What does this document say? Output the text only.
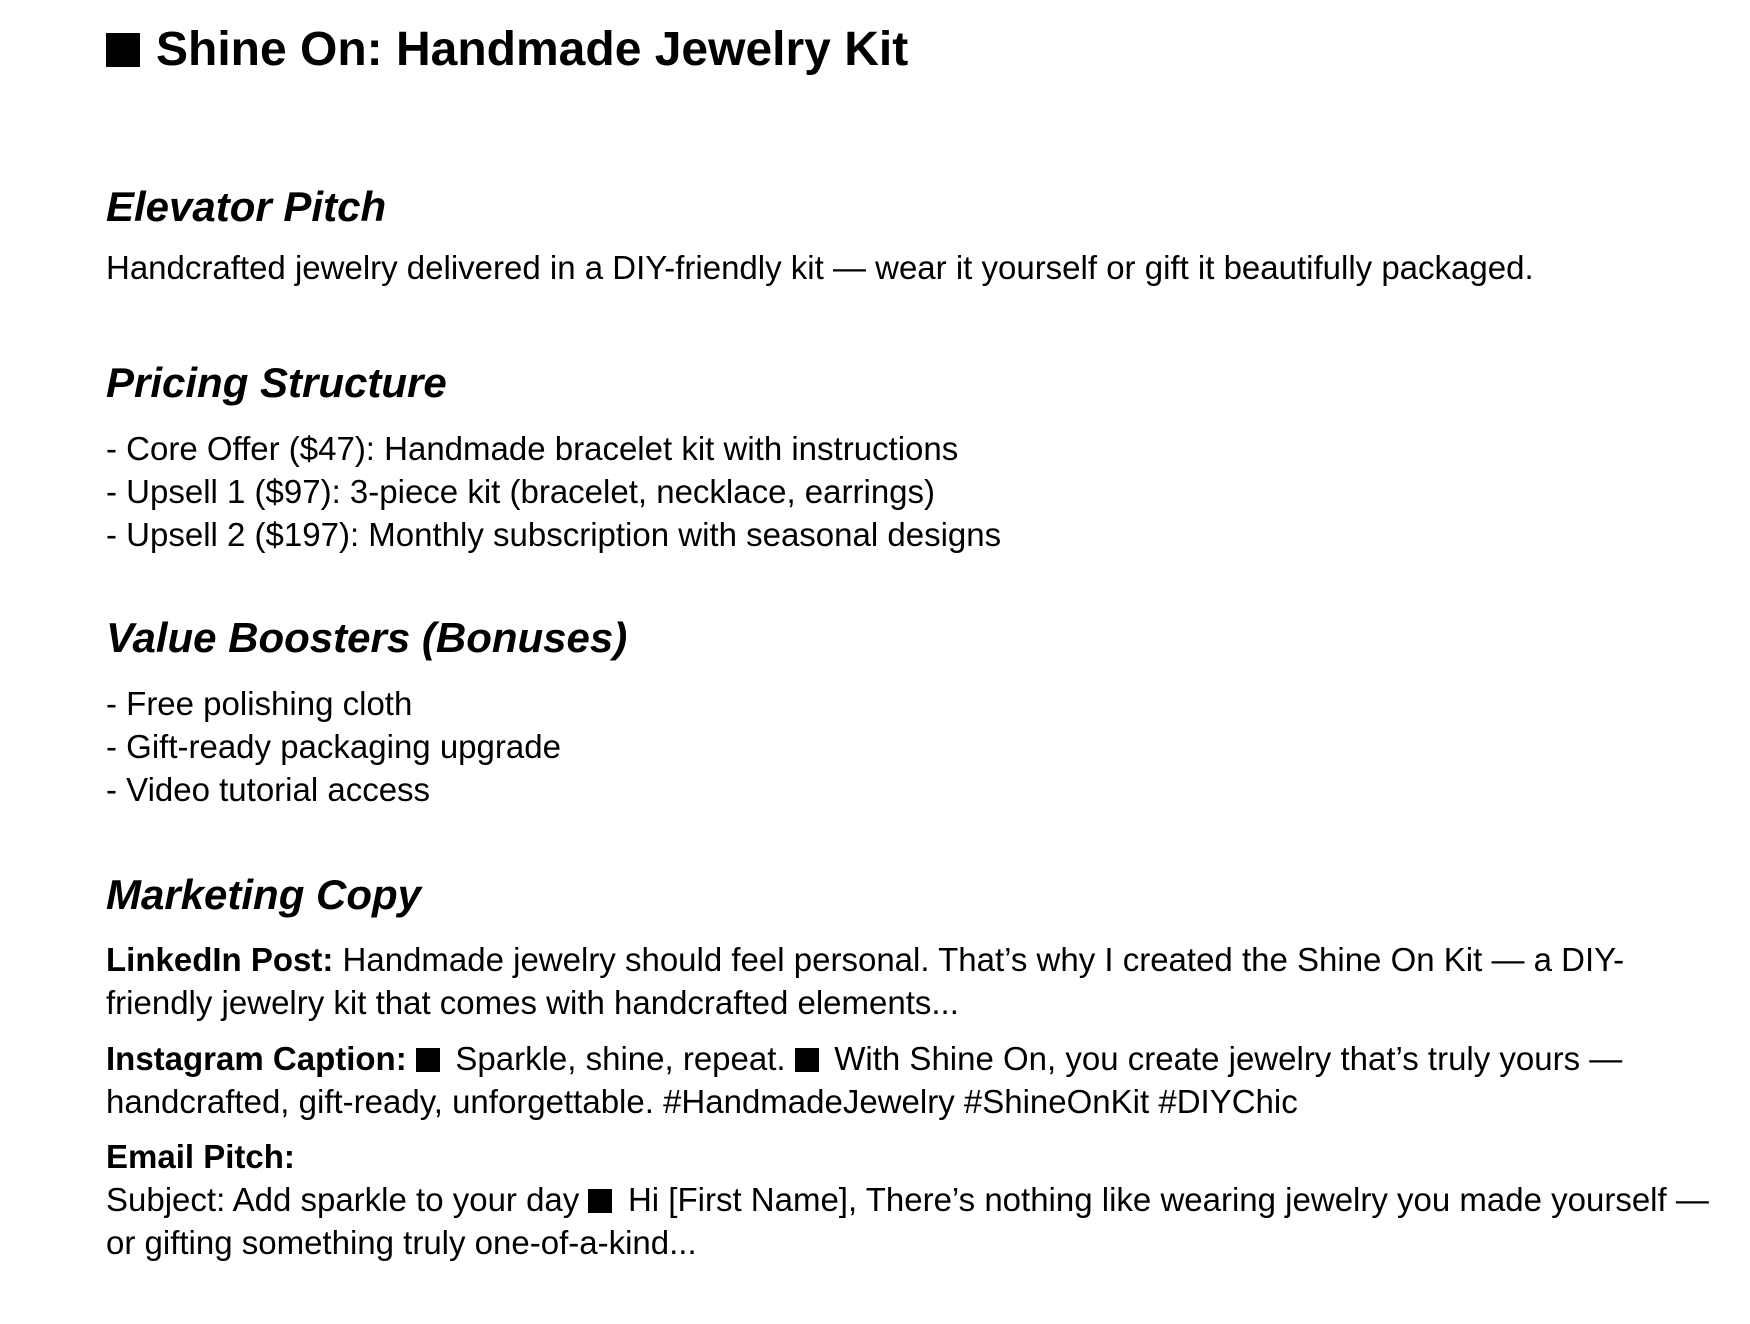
Shine On: Handmade Jewelry Kit
Elevator Pitch

Handcrafted jewelry delivered in a DIY-friendly kit — wear it yourself or gift it beautifully packaged.

Pricing Structure
- Core Offer ($47): Handmade bracelet kit with instructions
- Upsell 1 ($97): 3-piece kit (bracelet, necklace, earrings)
- Upsell 2 ($197): Monthly subscription with seasonal designs
Value Boosters (Bonuses)
- Free polishing cloth
- Gift-ready packaging upgrade
- Video tutorial access
Marketing Copy

LinkedIn Post: Handmade jewelry should feel personal. That’s why I created the Shine On Kit — a DIY-friendly jewelry kit that comes with handcrafted elements...

Instagram Caption:  Sparkle, shine, repeat.  With Shine On, you create jewelry that’s truly yours — handcrafted, gift-ready, unforgettable. #HandmadeJewelry #ShineOnKit #DIYChic

Email Pitch:

Subject: Add sparkle to your day  Hi [First Name], There’s nothing like wearing jewelry you made yourself — or gifting something truly one-of-a-kind...
